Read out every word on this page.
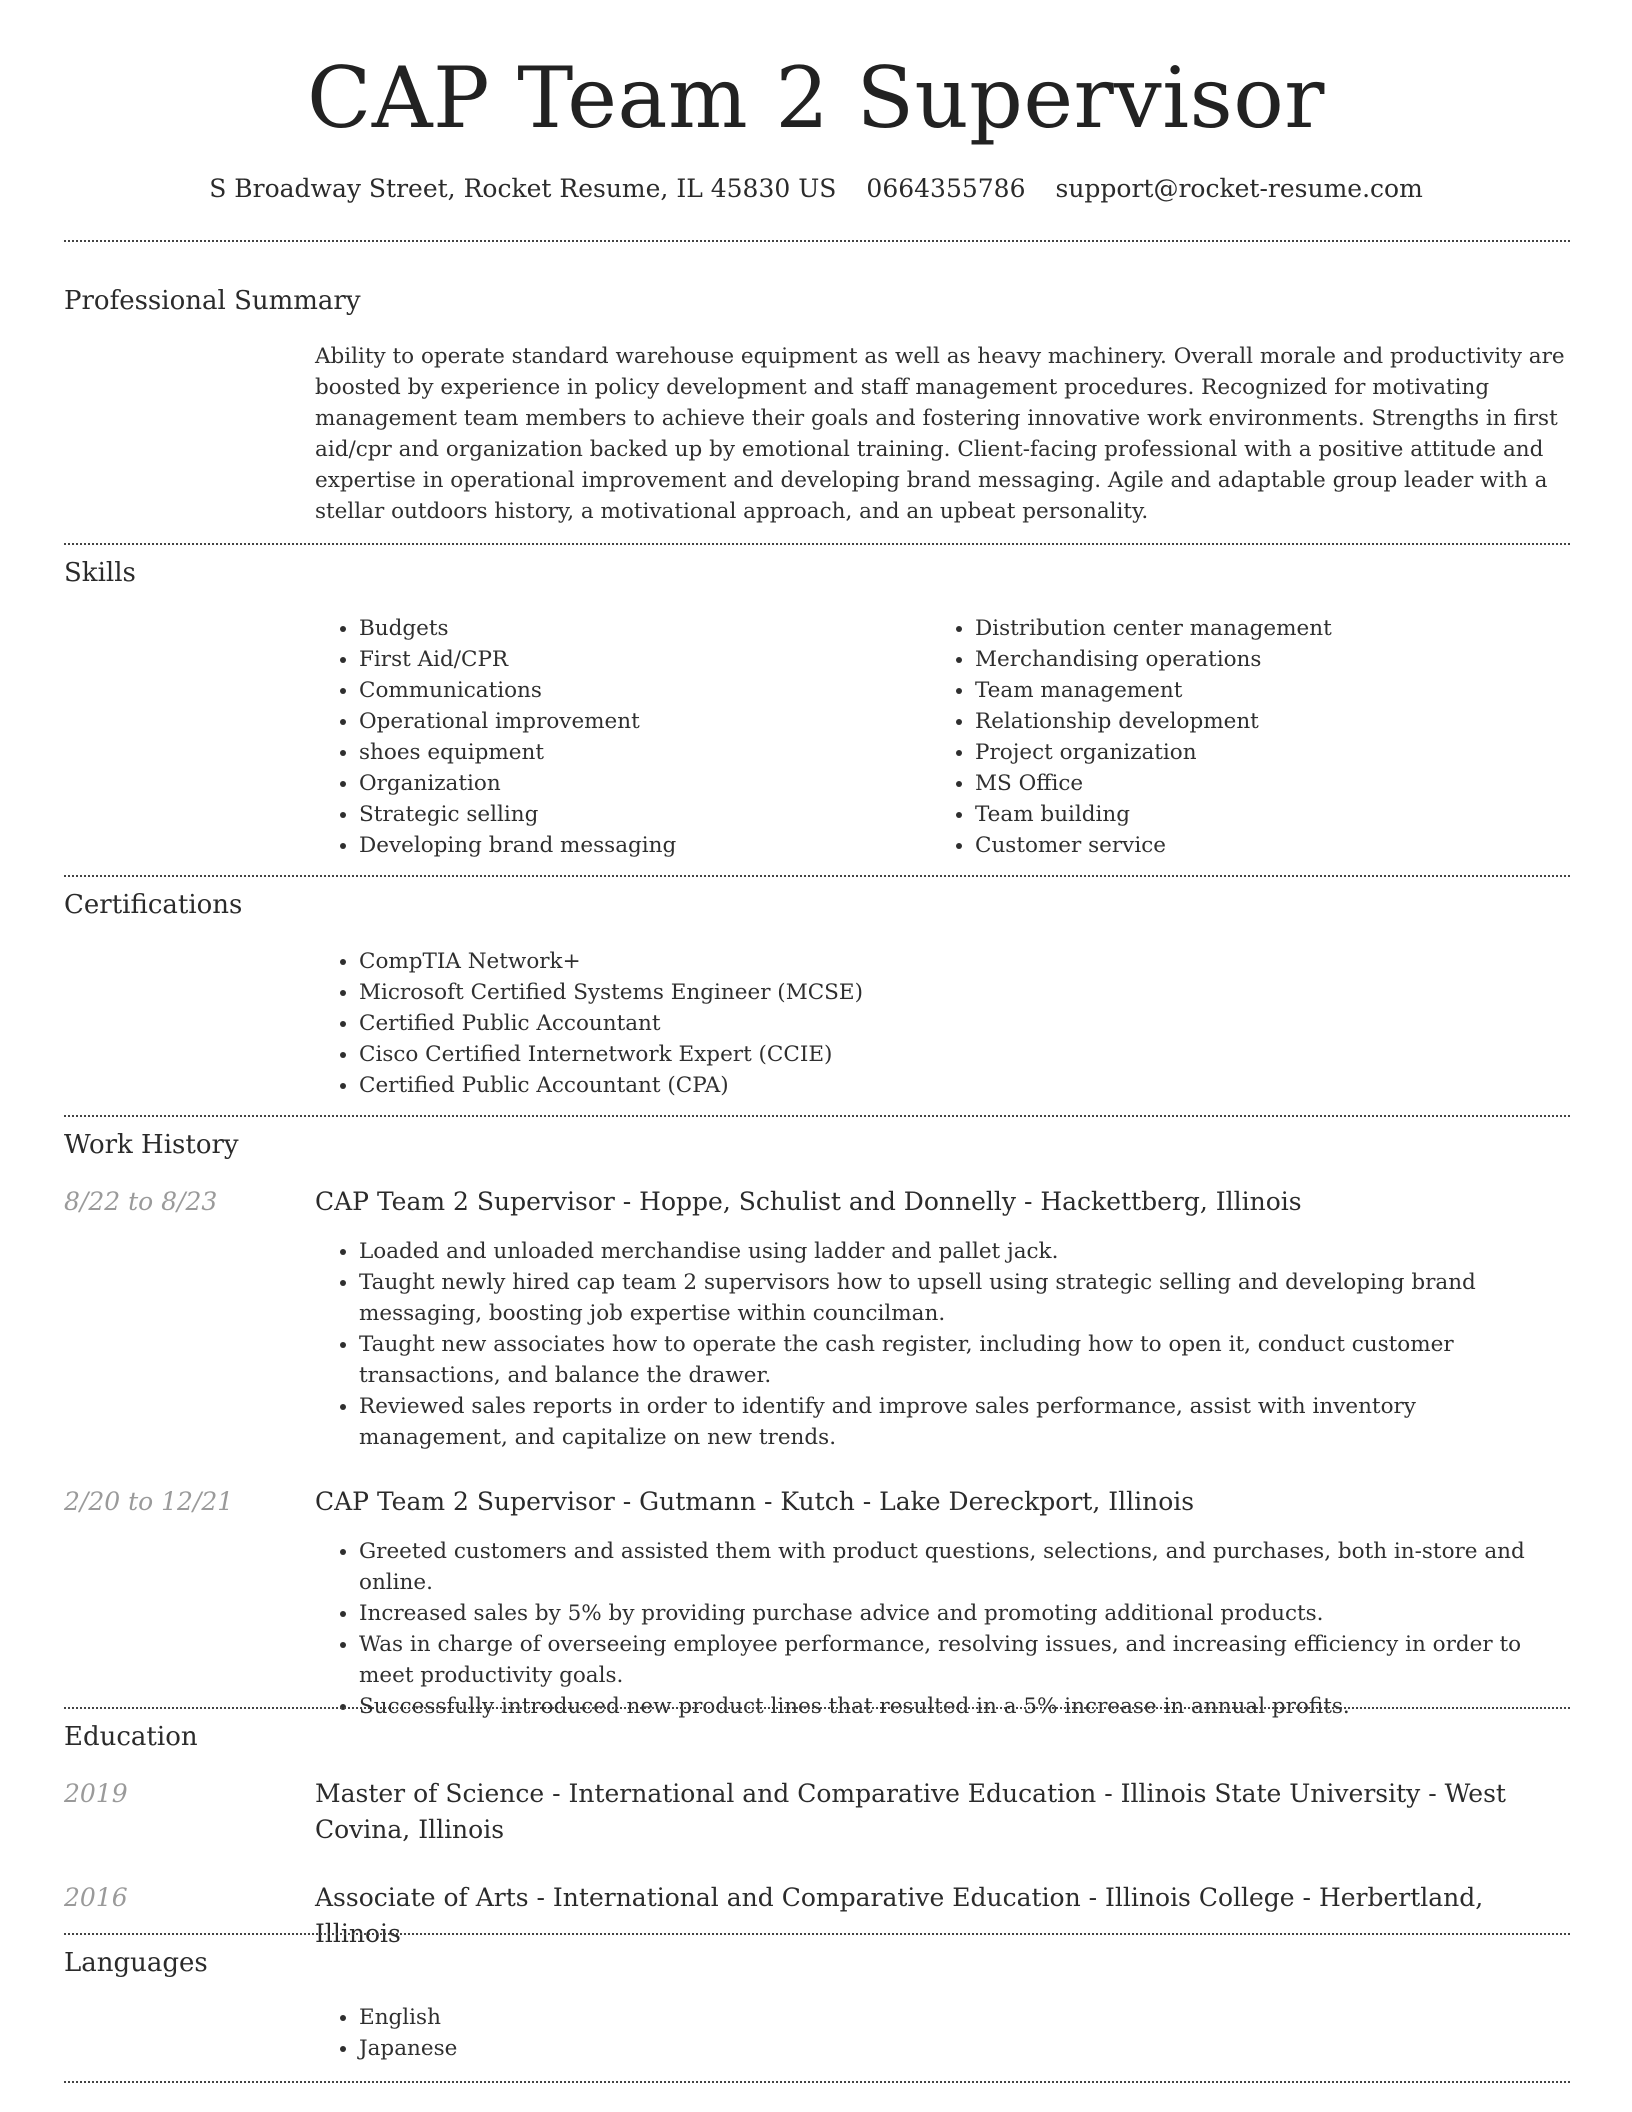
CAP Team 2 Supervisor
S Broadway Street, Rocket Resume, IL 45830 US 0664355786 support@rocket-resume.com
Professional Summary
Ability to operate standard warehouse equipment as well as heavy machinery. Overall morale and productivity are boosted by experience in policy development and staff management procedures. Recognized for motivating management team members to achieve their goals and fostering innovative work environments. Strengths in first aid/cpr and organization backed up by emotional training. Client-facing professional with a positive attitude and expertise in operational improvement and developing brand messaging. Agile and adaptable group leader with a stellar outdoors history, a motivational approach, and an upbeat personality.
Skills
• Budgets
• First Aid/CPR
• Communications
• Operational improvement
• shoes equipment
• Organization
• Strategic selling
• Developing brand messaging
• Distribution center management
• Merchandising operations
• Team management
• Relationship development
• Project organization
• MS Office
• Team building
• Customer service
Certifications
• CompTIA Network+
• Microsoft Certified Systems Engineer (MCSE)
• Certified Public Accountant
• Cisco Certified Internetwork Expert (CCIE)
• Certified Public Accountant (CPA)
Work History
8/22 to 8/23	CAP Team 2 Supervisor - Hoppe, Schulist and Donnelly - Hackettberg, Illinois
• Loaded and unloaded merchandise using ladder and pallet jack.
• Taught newly hired cap team 2 supervisors how to upsell using strategic selling and developing brand messaging, boosting job expertise within councilman.
• Taught new associates how to operate the cash register, including how to open it, conduct customer transactions, and balance the drawer.
• Reviewed sales reports in order to identify and improve sales performance, assist with inventory management, and capitalize on new trends.
2/20 to 12/21	CAP Team 2 Supervisor - Gutmann - Kutch - Lake Dereckport, Illinois
• Greeted customers and assisted them with product questions, selections, and purchases, both in-store and online.
• Increased sales by 5% by providing purchase advice and promoting additional products.
• Was in charge of overseeing employee performance, resolving issues, and increasing efficiency in order to meet productivity goals.
• Successfully introduced new product lines that resulted in a 5% increase in annual profits.
Education
2019	Master of Science - International and Comparative Education - Illinois State University - West Covina, Illinois
2016	Associate of Arts - International and Comparative Education - Illinois College - Herbertland, Illinois
Languages
• English
• Japanese
